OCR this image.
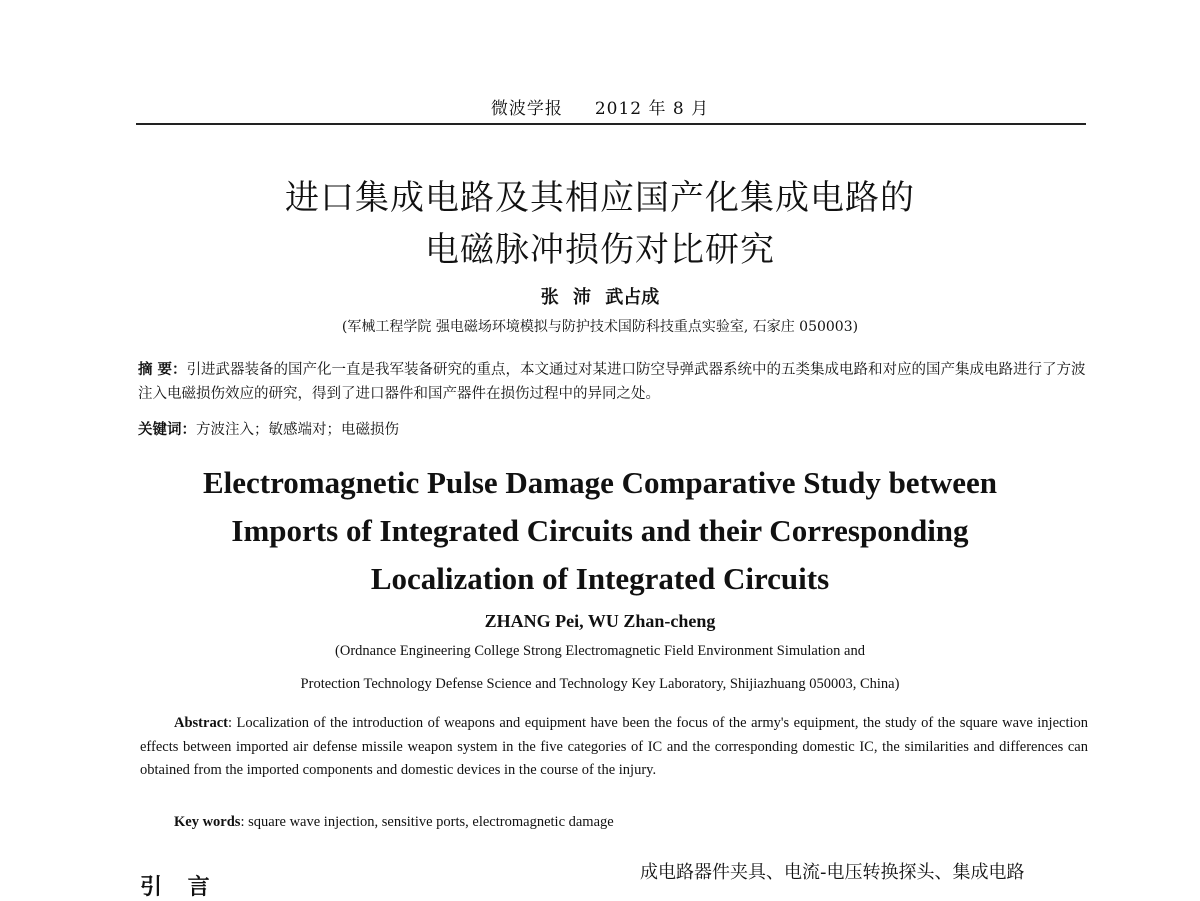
微波学报 2012 年 8 月
进口集成电路及其相应国产化集成电路的
电磁脉冲损伤对比研究
张 沛 武占成
(军械工程学院 强电磁场环境模拟与防护技术国防科技重点实验室, 石家庄 050003)
摘 要：引进武器装备的国产化一直是我军装备研究的重点，本文通过对某进口防空导弹武器系统中的五类集成电路和对应的国产集成电路进行了方波注入电磁损伤效应的研究，得到了进口器件和国产器件在损伤过程中的异同之处。
关键词：方波注入；敏感端对；电磁损伤
Electromagnetic Pulse Damage Comparative Study between
Imports of Integrated Circuits and their Corresponding
Localization of Integrated Circuits
ZHANG Pei, WU Zhan-cheng
(Ordnance Engineering College Strong Electromagnetic Field Environment Simulation and
Protection Technology Defense Science and Technology Key Laboratory, Shijiazhuang 050003, China)
Abstract: Localization of the introduction of weapons and equipment have been the focus of the army's equipment, the study of the square wave injection effects between imported air defense missile weapon system in the five categories of IC and the corresponding domestic IC, the similarities and differences can obtained from the imported components and domestic devices in the course of the injury.
Key words: square wave injection, sensitive ports, electromagnetic damage
引 言
成电路器件夹具、电流-电压转换探头、集成电路
